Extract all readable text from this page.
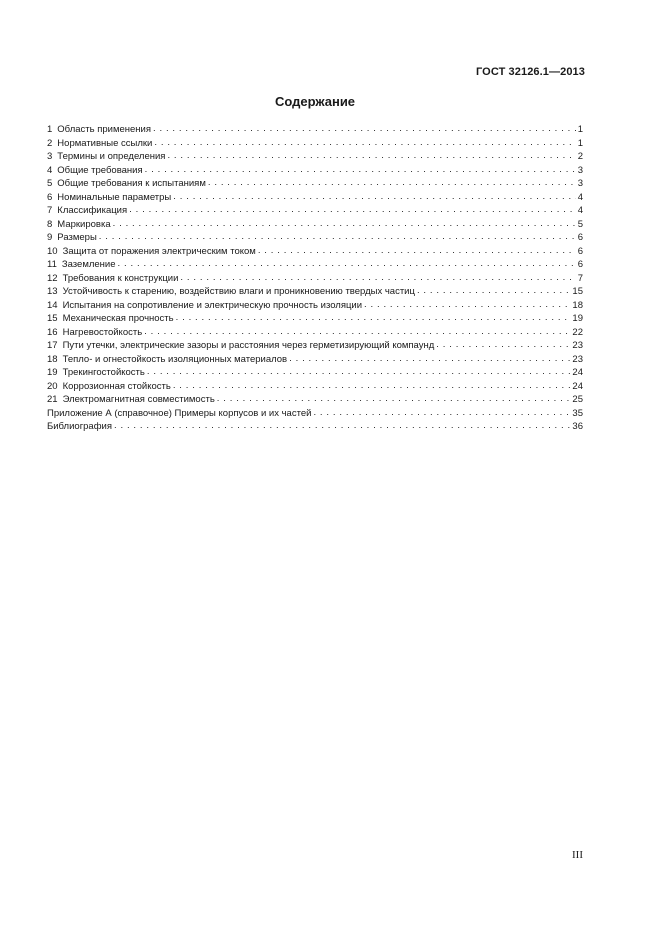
ГОСТ 32126.1—2013
Содержание
1 Область применения . . .	1
2 Нормативные ссылки . . .	1
3 Термины и определения . . .	2
4 Общие требования . . .	3
5 Общие требования к испытаниям . . .	3
6 Номинальные параметры . . .	4
7 Классификация . . .	4
8 Маркировка . . .	5
9 Размеры . . .	6
10 Защита от поражения электрическим током . . .	6
11 Заземление . . .	6
12 Требования к конструкции . . .	7
13 Устойчивость к старению, воздействию влаги и проникновению твердых частиц . . .	15
14 Испытания на сопротивление и электрическую прочность изоляции . . .	18
15 Механическая прочность . . .	19
16 Нагревостойкость . . .	22
17 Пути утечки, электрические зазоры и расстояния через герметизирующий компаунд . . .	23
18 Тепло- и огнестойкость изоляционных материалов . . .	23
19 Трекингостойкость . . .	24
20 Коррозионная стойкость . . .	24
21 Электромагнитная совместимость . . .	25
Приложение А (справочное) Примеры корпусов и их частей . . .	35
Библиография . . .	36
III
